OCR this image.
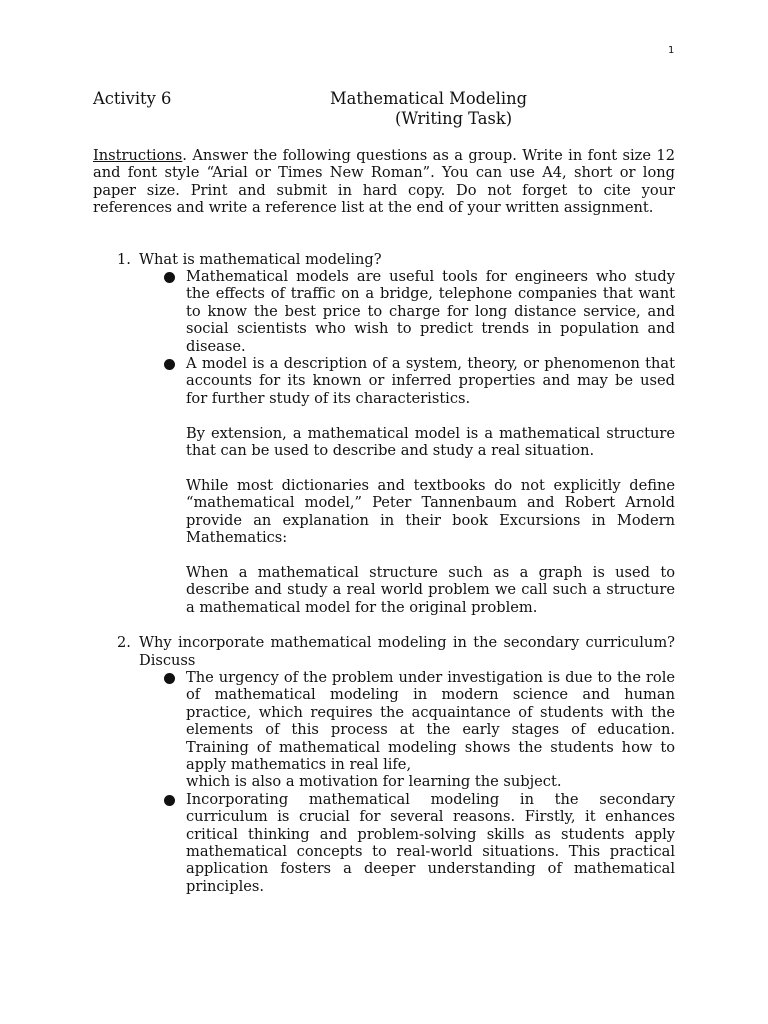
1
Activity 6	Mathematical Modeling
(Writing Task)

Instructions. Answer the following questions as a group. Write in font size 12 and font style “Arial or Times New Roman”. You can use A4, short or long paper size. Print and submit in hard copy. Do not forget to cite your references and write a reference list at the end of your written assignment.

1. What is mathematical modeling?

Mathematical models are useful tools for engineers who study the effects of traffic on a bridge, telephone companies that want to know the best price to charge for long distance service, and social scientists who wish to predict trends in population and disease.

A model is a description of a system, theory, or phenomenon that accounts for its known or inferred properties and may be used for further study of its characteristics.

By extension, a mathematical model is a mathematical structure that can be used to describe and study a real situation.

While most dictionaries and textbooks do not explicitly define “mathematical model,” Peter Tannenbaum and Robert Arnold provide an explanation in their book Excursions in Modern Mathematics:

When a mathematical structure such as a graph is used to describe and study a real world problem we call such a structure a mathematical model for the original problem.

2. Why incorporate mathematical modeling in the secondary curriculum? Discuss

The urgency of the problem under investigation is due to the role of mathematical modeling in modern science and human practice, which requires the acquaintance of students with the elements of this process at the early stages of education. Training of mathematical modeling shows the students how to apply mathematics in real life,

which is also a motivation for learning the subject.

Incorporating mathematical modeling in the secondary curriculum is crucial for several reasons. Firstly, it enhances critical thinking and problem-solving skills as students apply mathematical concepts to real-world situations. This practical application fosters a deeper understanding of mathematical principles.
